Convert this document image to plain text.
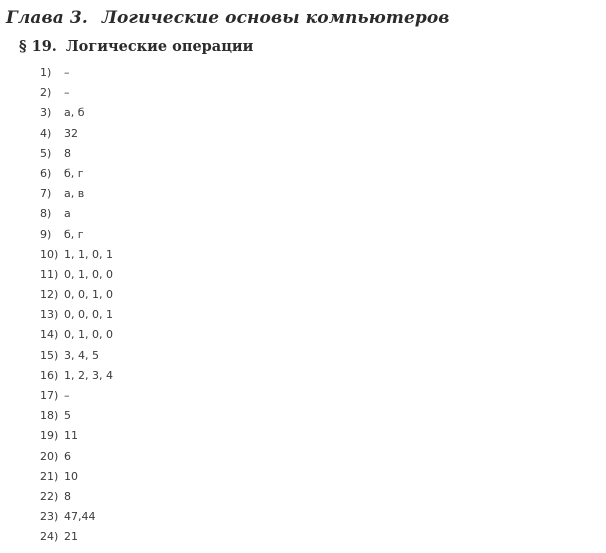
Глава 3. Логические основы компьютеров
§ 19. Логические операции
1) –
2) –
3) а, б
4) 32
5) 8
6) б, г
7) а, в
8) а
9) б, г
10) 1, 1, 0, 1
11) 0, 1, 0, 0
12) 0, 0, 1, 0
13) 0, 0, 0, 1
14) 0, 1, 0, 0
15) 3, 4, 5
16) 1, 2, 3, 4
17) –
18) 5
19) 11
20) 6
21) 10
22) 8
23) 47,44
24) 21
